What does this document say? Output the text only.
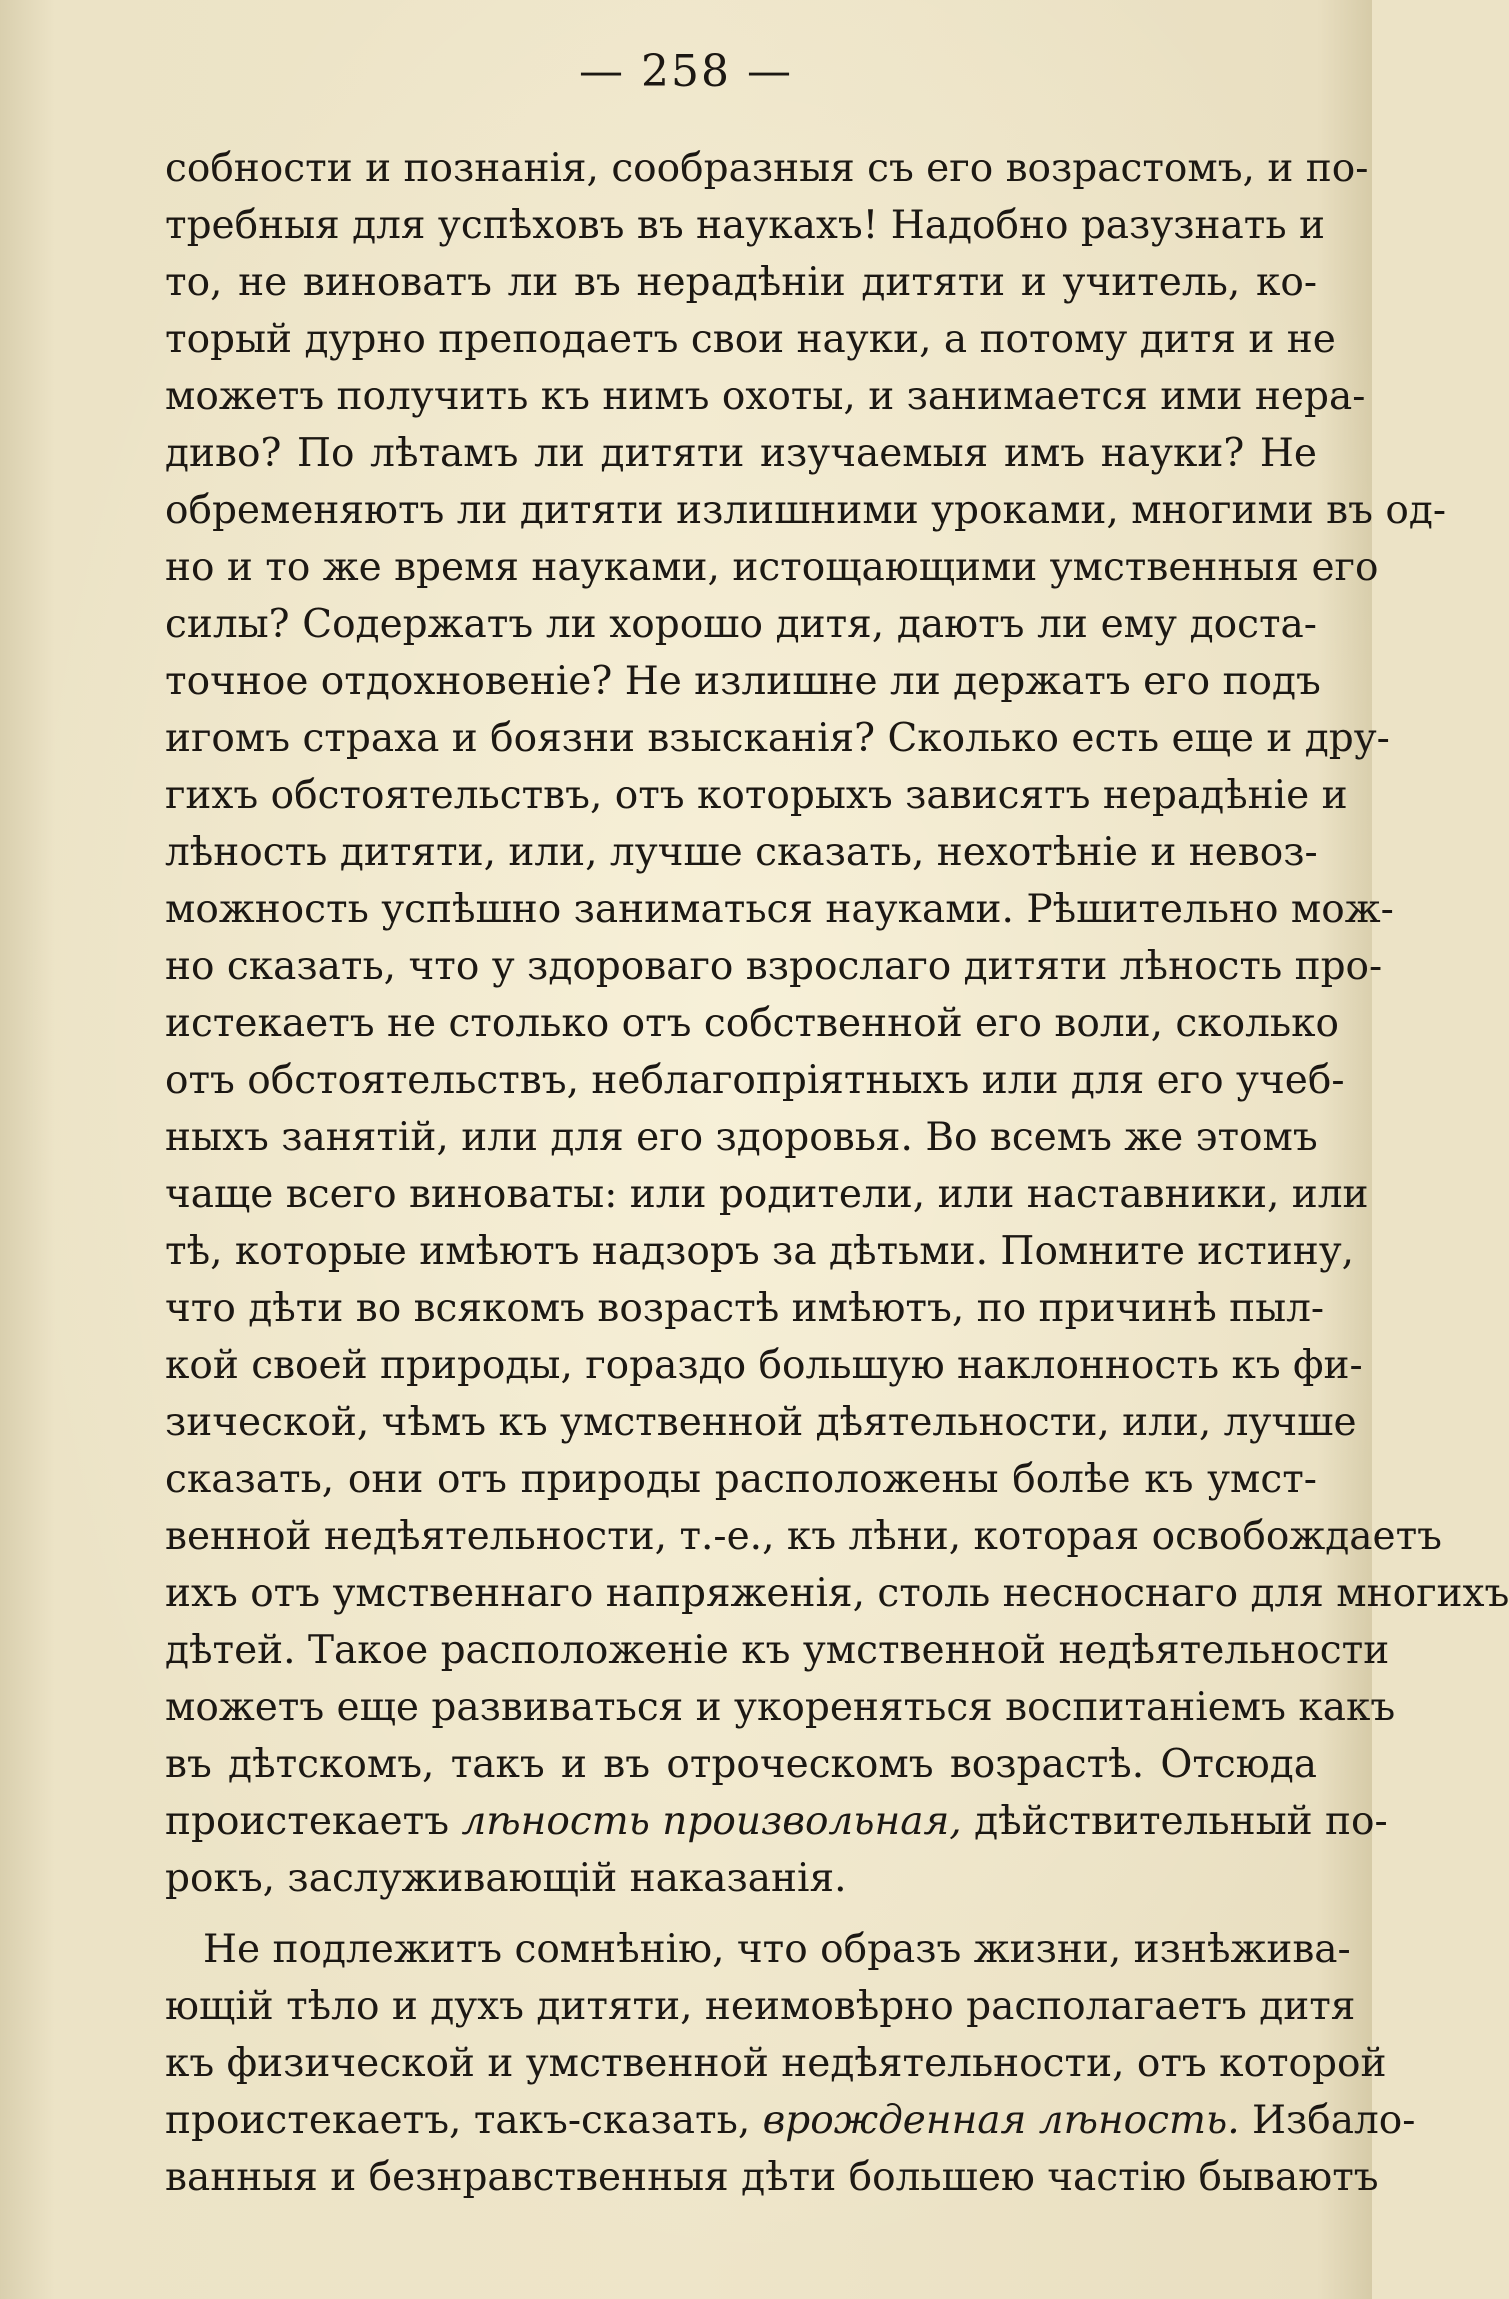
— 258 —
собности и познанія, сообразныя съ его возрастомъ, и по-
требныя для успѣховъ въ наукахъ! Надобно разузнать и
то, не виноватъ ли въ нерадѣніи дитяти и учитель, ко-
торый дурно преподаетъ свои науки, а потому дитя и не
можетъ получить къ нимъ охоты, и занимается ими нера-
диво? По лѣтамъ ли дитяти изучаемыя имъ науки? Не
обременяютъ ли дитяти излишними уроками, многими въ од-
но и то же время науками, истощающими умственныя его
силы? Содержатъ ли хорошо дитя, даютъ ли ему доста-
точное отдохновеніе? Не излишне ли держатъ его подъ
игомъ страха и боязни взысканія? Сколько есть еще и дру-
гихъ обстоятельствъ, отъ которыхъ зависятъ нерадѣніе и
лѣность дитяти, или, лучше сказать, нехотѣніе и невоз-
можность успѣшно заниматься науками. Рѣшительно мож-
но сказать, что у здороваго взрослаго дитяти лѣность про-
истекаетъ не столько отъ собственной его воли, сколько
отъ обстоятельствъ, неблагопріятныхъ или для его учеб-
ныхъ занятій, или для его здоровья. Во всемъ же этомъ
чаще всего виноваты: или родители, или наставники, или
тѣ, которые имѣютъ надзоръ за дѣтьми. Помните истину,
что дѣти во всякомъ возрастѣ имѣютъ, по причинѣ пыл-
кой своей природы, гораздо большую наклонность къ фи-
зической, чѣмъ къ умственной дѣятельности, или, лучше
сказать, они отъ природы расположены болѣе къ умст-
венной недѣятельности, т.-е., къ лѣни, которая освобождаетъ
ихъ отъ умственнаго напряженія, столь несноснаго для многихъ
дѣтей. Такое расположеніе къ умственной недѣятельности
можетъ еще развиваться и укореняться воспитаніемъ какъ
въ дѣтскомъ, такъ и въ отроческомъ возрастѣ. Отсюда
проистекаетъ лѣность произвольная, дѣйствительный по-
рокъ, заслуживающій наказанія.
Не подлежитъ сомнѣнію, что образъ жизни, изнѣжива-
ющій тѣло и духъ дитяти, неимовѣрно располагаетъ дитя
къ физической и умственной недѣятельности, отъ которой
проистекаетъ, такъ-сказать, врожденная лѣность. Избало-
ванныя и безнравственныя дѣти большею частію бываютъ
